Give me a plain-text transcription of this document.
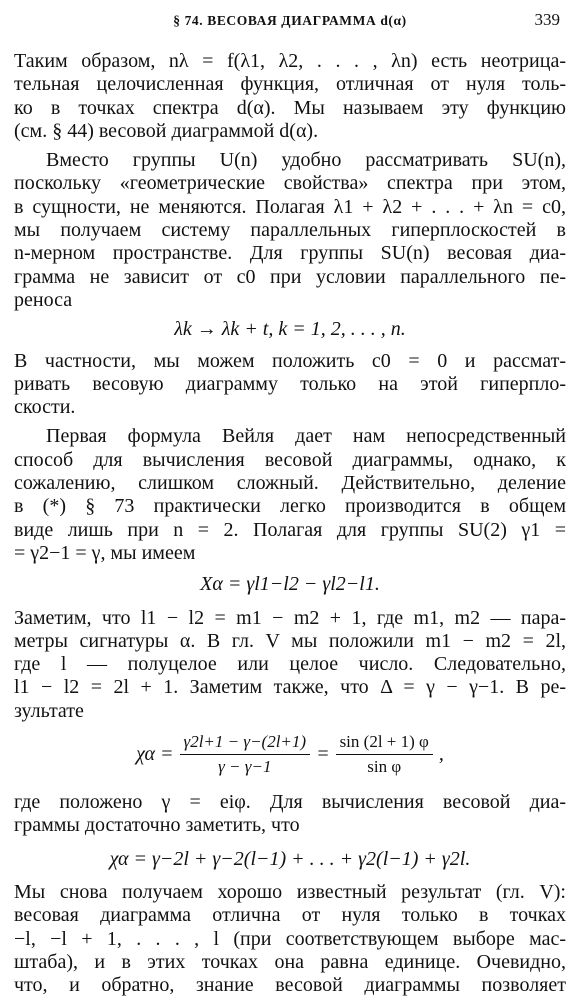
§ 74. ВЕСОВАЯ ДИАГРАММА d(α)	339
Таким образом, nλ = f(λ1, λ2, . . . , λn) есть неотрица-
тельная целочисленная функция, отличная от нуля толь-
ко в точках спектра d(α). Мы называем эту функцию
(см. § 44) весовой диаграммой d(α).
Вместо группы U(n) удобно рассматривать SU(n),
поскольку «геометрические свойства» спектра при этом,
в сущности, не меняются. Полагая λ1 + λ2 + . . . + λn = c0,
мы получаем систему параллельных гиперплоскостей в
n-мерном пространстве. Для группы SU(n) весовая диа-
грамма не зависит от c0 при условии параллельного пе-
реноса
λk → λk + t, k = 1, 2, . . . , n.
В частности, мы можем положить c0 = 0 и рассмат-
ривать весовую диаграмму только на этой гиперпло-
скости.
Первая формула Вейля дает нам непосредственный
способ для вычисления весовой диаграммы, однако, к
сожалению, слишком сложный. Действительно, деление
в (*) § 73 практически легко производится в общем
виде лишь при n = 2. Полагая для группы SU(2) γ1 =
= γ2−1 = γ, мы имеем
Xα = γl1−l2 − γl2−l1.
Заметим, что l1 − l2 = m1 − m2 + 1, где m1, m2 — пара-
метры сигнатуры α. В гл. V мы положили m1 − m2 = 2l,
где l — полуцелое или целое число. Следовательно,
l1 − l2 = 2l + 1. Заметим также, что Δ = γ − γ−1. В ре-
зультате
$\chi\alpha = \frac{\gamma 2l+1 - \gamma-(2l+1)}{\gamma - \gamma-1} = \frac{\sin (2l + 1) \varphi}{\text{sin φ}}$ ,
где положено γ = eiφ. Для вычисления весовой диа-
граммы достаточно заметить, что
χα = γ−2l + γ−2(l−1) + . . . + γ2(l−1) + γ2l.
Мы снова получаем хорошо известный результат (гл. V):
весовая диаграмма отлична от нуля только в точках
−l, −l + 1, . . . , l (при соответствующем выборе мас-
штаба), и в этих точках она равна единице. Очевидно,
что, и обратно, знание весовой диаграммы позволяет
